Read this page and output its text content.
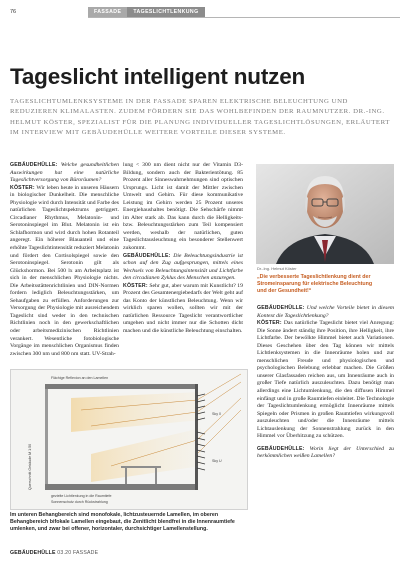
76	FASSADE	TAGESLICHTLENKUNG
Tageslicht intelligent nutzen

TAGESLICHTUMLENKSYSTEME IN DER FASSADE SPAREN ELEKTRISCHE BELEUCHTUNG UND REDUZIEREN KLIMALASTEN. ZUDEM FÖRDERN SIE DAS WOHLBEFINDEN DER RAUMNUTZER. DR.-ING. HELMUT KÖSTER, SPEZIALIST FÜR DIE PLANUNG INDIVIDUELLER TAGESLICHTLÖSUNGEN, ERLÄUTERT IM INTERVIEW MIT GEBÄUDEHÜLLE WEITERE VORTEILE DIESER SYSTEME.

GEBÄUDEHÜLLE: Welche gesundheitlichen Auswirkungen hat eine natürliche Tageslichtversorgung von Büroräumen?

KÖSTER: Wir leben heute in unseren Häusern in biologischer Dunkelheit. Die menschliche Physiologie wird durch Intensität und Farbe des natürlichen Tageslichtspektrums getriggert. Circadianer Rhythmus, Melatonin- und Serotoninspiegel im Blut. Melatonin ist ein Schlafhormon und wird durch hohen Rotanteil angeregt. Ein höherer Blauanteil und eine erhöhte Tageslichtintensität reduziert Melatonin und fördert den Cortisolspiegel sowie den Serotoninspiegel. Serotonin gilt als Glückshormon. Bei 500 lx am Arbeitsplatz ist sich in der menschlichen Physiologie nichts. Die Arbeitsstättenrichtlinien und DIN-Normen fordern lediglich Beleuchtungsstärken, um Sehaufgaben zu erfüllen. Anforderungen zur Versorgung der Physiologie mit ausreichendem Tageslicht sind weder in den technischen Richtlinien noch in den gewerkschaftlichen oder arbeitsmedizinischen Richtlinien verankert. Wesentliche fotobiologische Vorgänge im menschlichen Organismus finden zwischen 300 nm und 800 nm statt. UV-Strah-

lung < 300 nm dient nicht nur der Vitamin D3-Bildung, sondern auch der Bakterientötung. 85 Prozent aller Sinneswahrnehmungen sind optischen Ursprungs. Licht ist damit der Mittler zwischen Umwelt und Gehirn. Für diese kommunikative Leistung im Gehirn werden 25 Prozent unseres Energiehaushaltes benötigt. Die Sehschärfe nimmt im Alter stark ab. Das kann durch die Helligkeits- bzw. Beleuchtungsstärken zum Teil kompensiert werden, weshalb der natürlichen, guten Tageslichtausleuchtung ein besonderer Stellenwert zukommt.

GEBÄUDEHÜLLE: Die Beleuchtungsindustrie ist schon auf den Zug aufgesprungen, mittels eines Wechsels von Beleuchtungsintensität und Lichtfarbe den circadianen Zyklus des Menschen anzuregen.

KÖSTER: Sehr gut, aber warum mit Kunstlicht? 19 Prozent des Gesamtenergiebedarfs der Welt geht auf das Konto der künstlichen Beleuchtung. Wenn wir wirklich sparen wollen, sollten wir mit der natürlichen Ressource Tageslicht verantwortlicher umgehen und nicht immer nur die Schotten dicht machen und die künstliche Beleuchtung einschalten.

Dr.-Ing. Helmut Köster

„Die verbesserte Tageslichtlenkung dient der Stromeinsparung für elektrische Beleuchtung und der Gesundheit!“

GEBÄUDEHÜLLE: Und welche Vorteile bietet in diesem Kontext die Tageslichtlenkung?

KÖSTER: Das natürliche Tageslicht bietet viel Anregung: Die Sonne ändert ständig ihre Position, ihre Helligkeit, ihre Lichtfarbe. Der bewölkte Himmel bietet auch Variationen. Dieses Geschehen über den Tag können wir mittels Lichtlenksystemen in die Innenräume holen und zur menschlichen Freude und physiologischen und psychologischen Belebung erlebbar machen. Die Größen unserer Glasfassaden reichen aus, um Innenräume auch in großer Tiefe natürlich auszuleuchten. Dazu benötigt man allerdings eine Lichtumlenkung, die den diffusen Himmel einfängt und in große Raumtiefen einleitet. Die Technologie der Tageslichtumlenkung ermöglicht Innenräume mittels Spiegeln oder Prismen in großen Raumtiefen wirkungsvoll auszuleuchten und/oder die Innenräume mittels Lichtauslenkung der Sonnenstrahlung zurück in den Himmel vor Überhitzung zu schützen.

GEBÄUDEHÜLLE: Worin liegt der Unterschied zu herkömmlichen weißen Lamellen?

Flächige Reflexion an den Lamellen
gezielte Lichtlenkung in die Raumtiefe
Sonnenschutz durch Rückstrahlung
Sky 0
Sky U
Querschnitt Gebäude M 1:50

Im unteren Behangbereich sind monofokale, lichtzusteuernde Lamellen, im oberen Behangbereich bifokale Lamellen eingebaut, die Zenitlicht blendfrei in die Innenraumtiefe umlenken, und zwar bei offener, horizontaler, durchsichtiger Lamellenstellung.

GEBÄUDEHÜLLE 03.20 FASSADE
